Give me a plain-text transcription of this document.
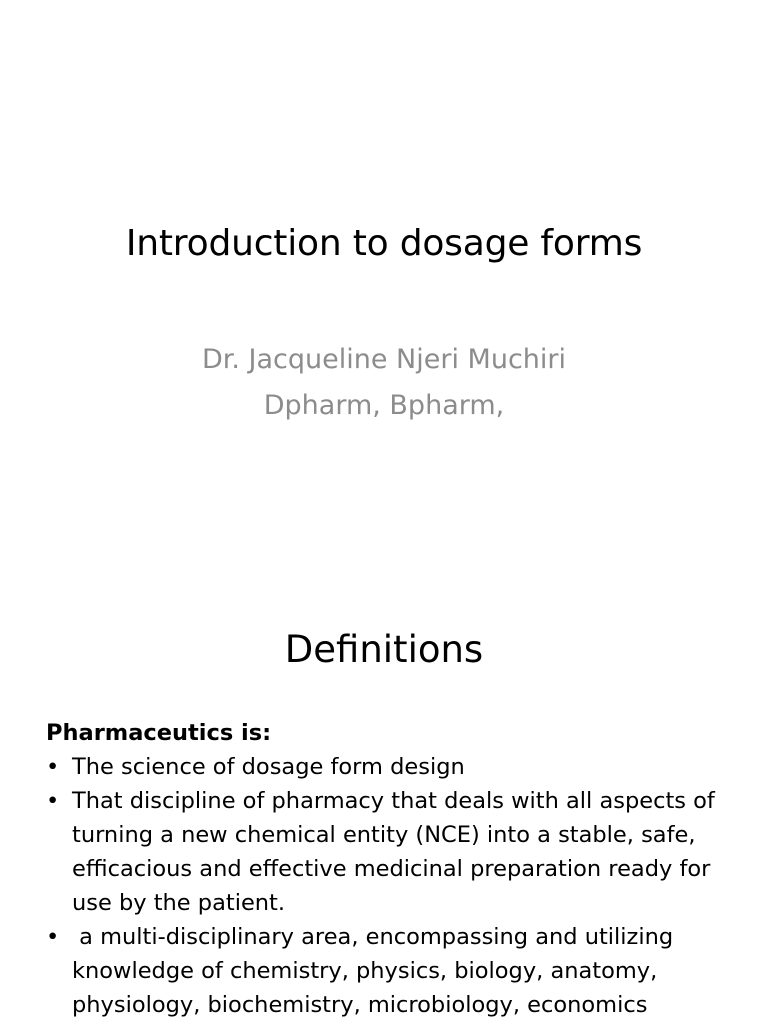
Introduction to dosage forms
Dr. Jacqueline Njeri Muchiri
Dpharm, Bpharm,
Definitions
Pharmaceutics is:
• The science of dosage form design
• That discipline of pharmacy that deals with all aspects of turning a new chemical entity (NCE) into a stable, safe, efficacious and effective medicinal preparation ready for use by the patient.
• a multi-disciplinary area, encompassing and utilizing knowledge of chemistry, physics, biology, anatomy, physiology, biochemistry, microbiology, economics
